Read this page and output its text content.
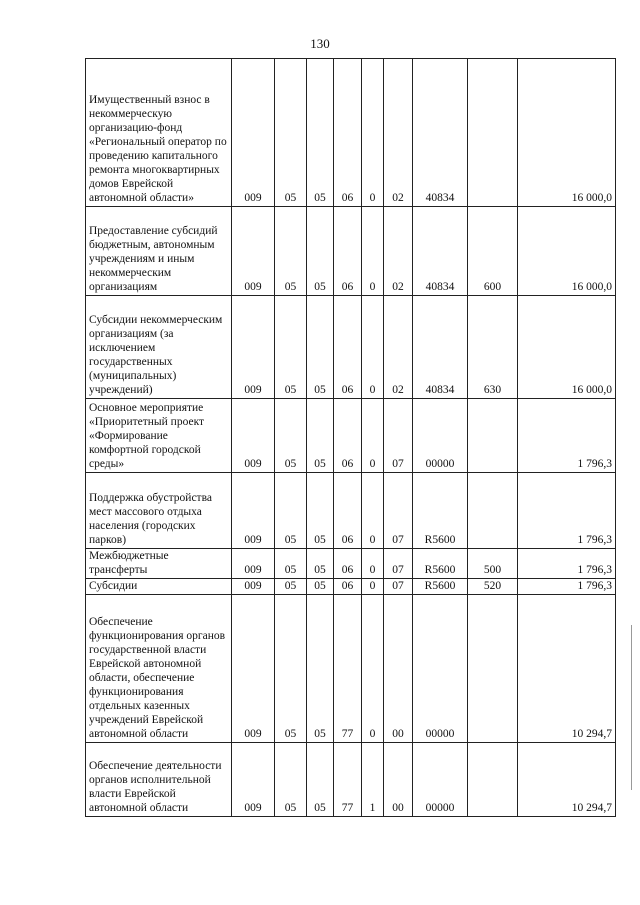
130
Имущественный взнос в некоммерческую организацию-фонд «Региональный оператор по проведению капитального ремонта многоквартирных домов Еврейской автономной области»	009	05	05	06	0	02	40834		16 000,0
Предоставление субсидий бюджетным, автономным учреждениям и иным некоммерческим организациям	009	05	05	06	0	02	40834	600	16 000,0
Субсидии некоммерческим организациям (за исключением государственных (муниципальных) учреждений)	009	05	05	06	0	02	40834	630	16 000,0
Основное мероприятие «Приоритетный проект «Формирование комфортной городской среды»	009	05	05	06	0	07	00000		1 796,3
Поддержка обустройства мест массового отдыха населения (городских парков)	009	05	05	06	0	07	R5600		1 796,3
Межбюджетные трансферты	009	05	05	06	0	07	R5600	500	1 796,3
Субсидии	009	05	05	06	0	07	R5600	520	1 796,3
Обеспечение функционирования органов государственной власти Еврейской автономной области, обеспечение функционирования отдельных казенных учреждений Еврейской автономной области	009	05	05	77	0	00	00000		10 294,7
Обеспечение деятельности органов исполнительной власти Еврейской автономной области	009	05	05	77	1	00	00000		10 294,7
